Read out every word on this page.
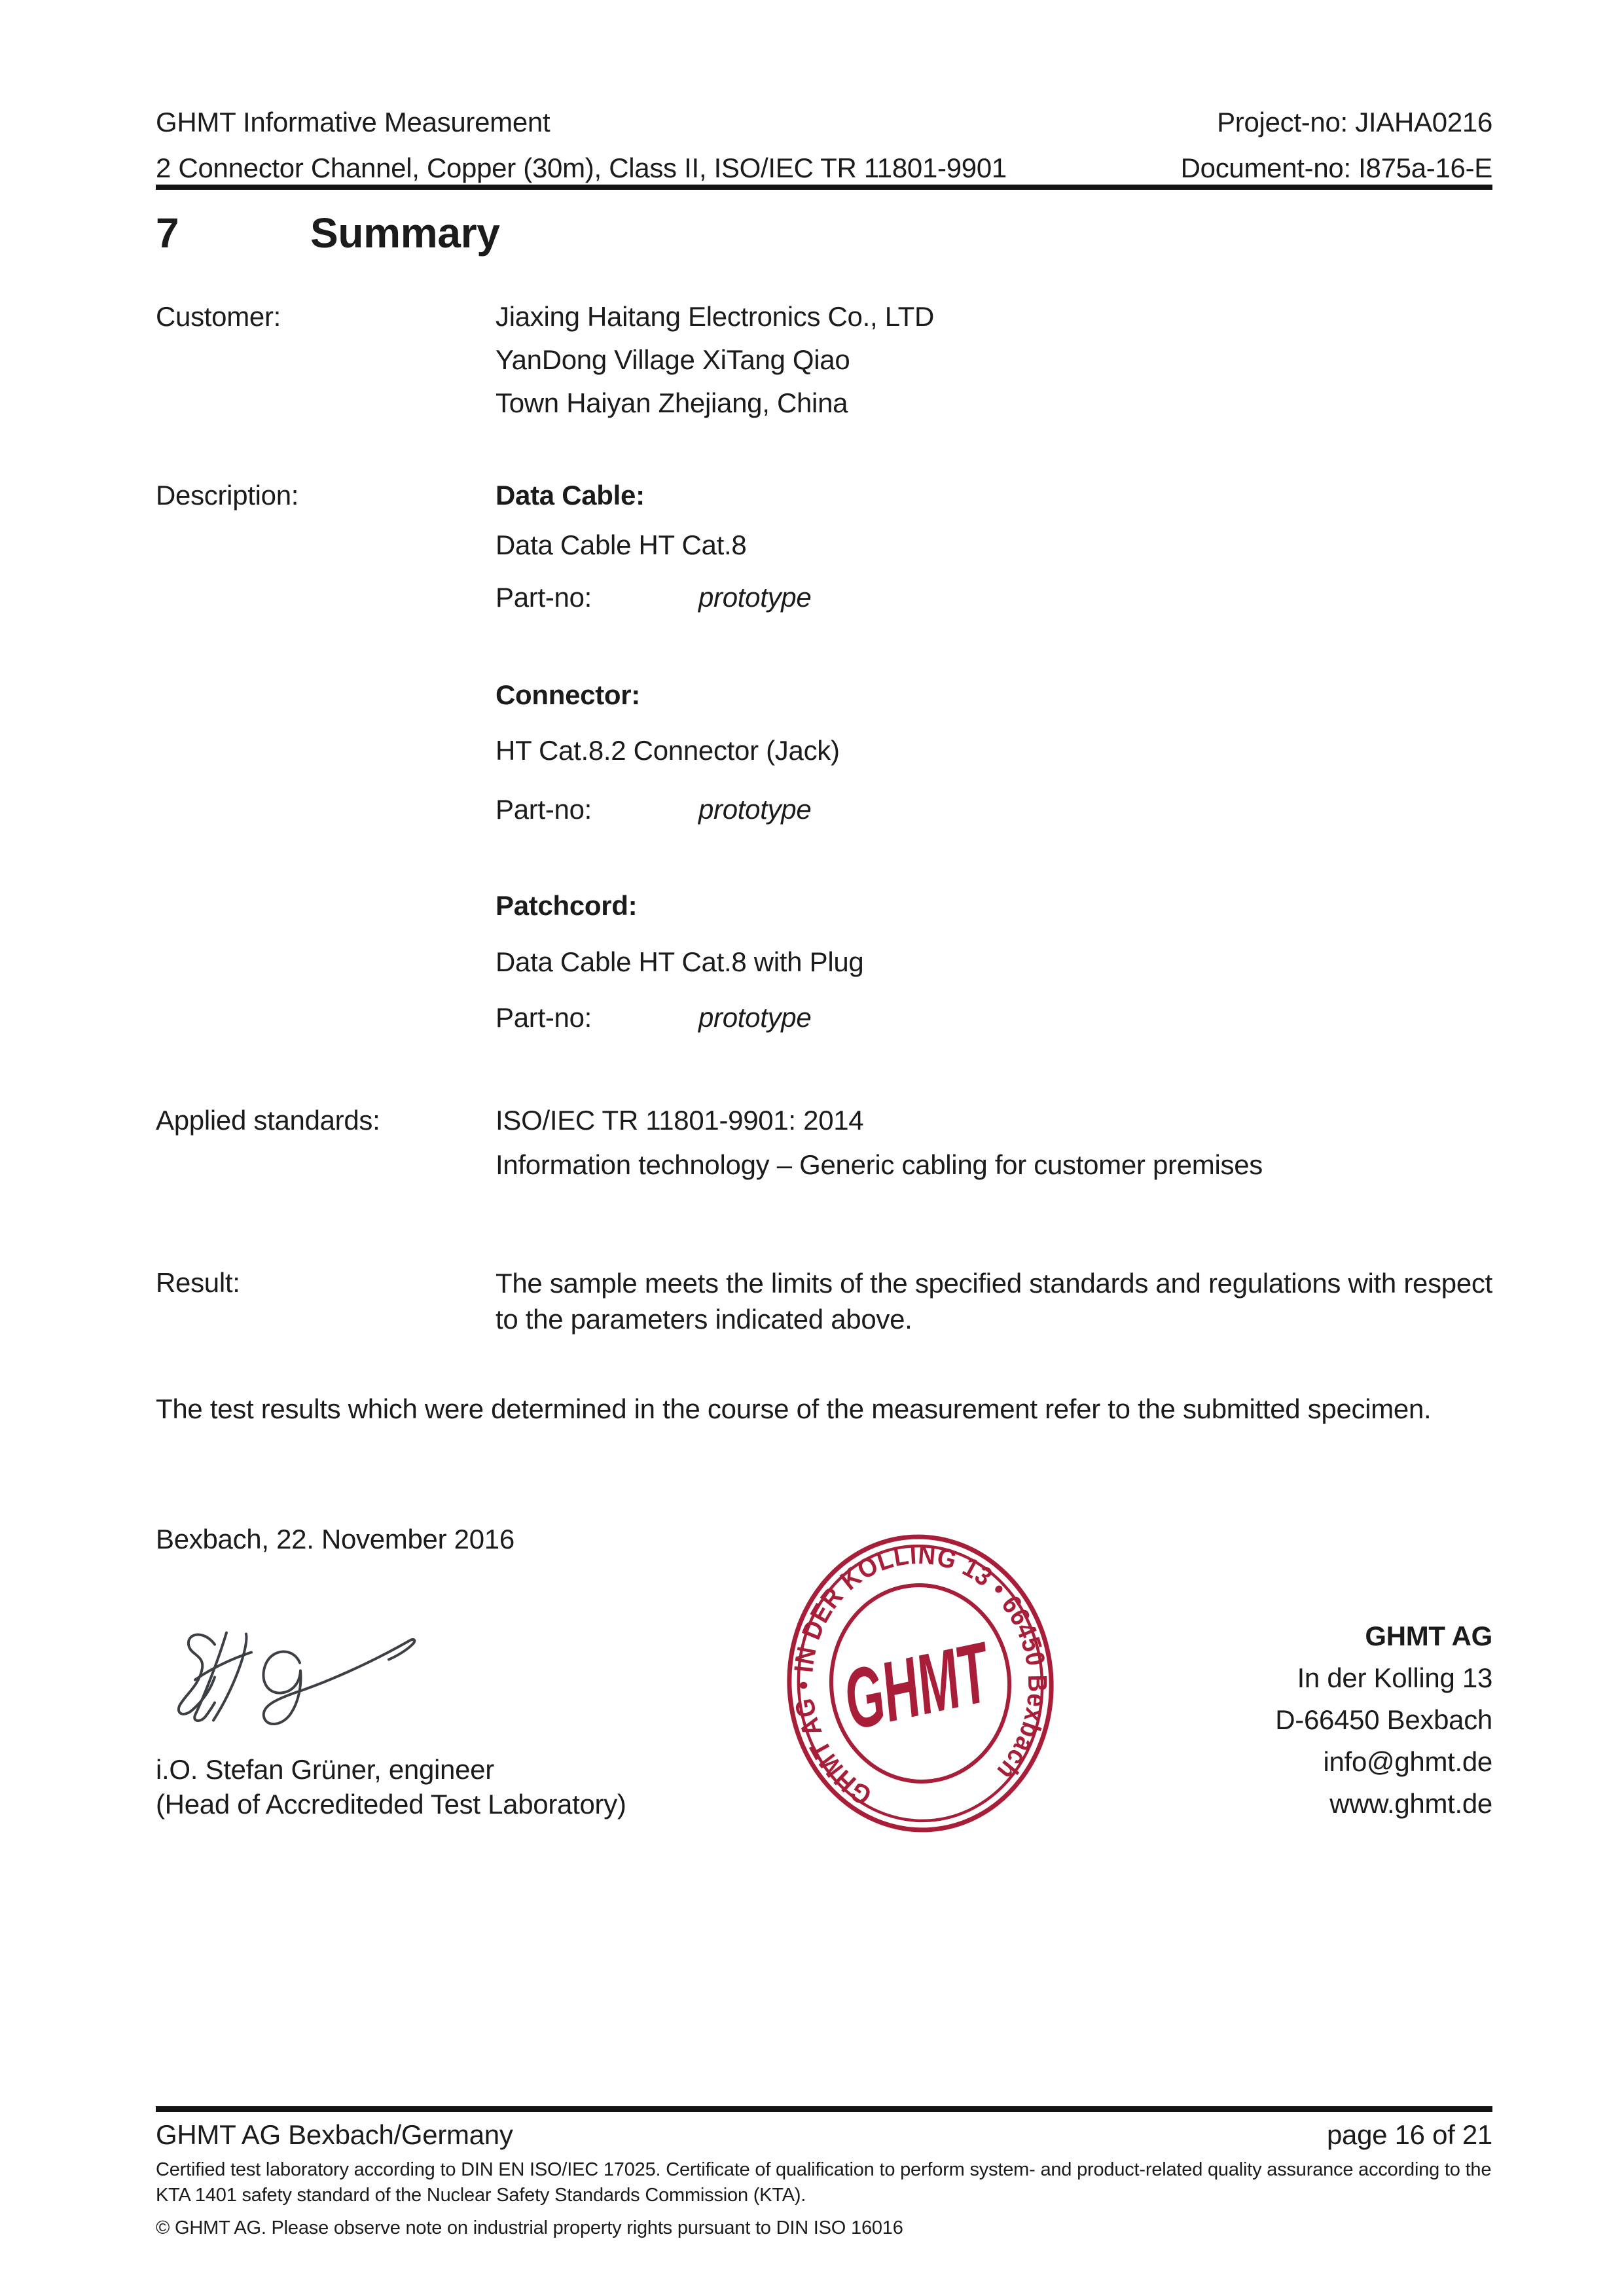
GHMT Informative Measurement	Project-no: JIAHA0216
2 Connector Channel, Copper (30m), Class II, ISO/IEC TR 11801-9901	Document-no: I875a-16-E
7	Summary
Customer:	Jiaxing Haitang Electronics Co., LTD
YanDong Village XiTang Qiao
Town Haiyan Zhejiang, China
Description:	Data Cable:
Data Cable HT Cat.8
Part-no:	prototype
Connector:
HT Cat.8.2 Connector (Jack)
Part-no:	prototype
Patchcord:
Data Cable HT Cat.8 with Plug
Part-no:	prototype
Applied standards:	ISO/IEC TR 11801-9901: 2014
Information technology – Generic cabling for customer premises
Result:	The sample meets the limits of the specified standards and regulations with respect to the parameters indicated above.
The test results which were determined in the course of the measurement refer to the submitted specimen.
Bexbach, 22. November 2016
GHMT AG • IN DER KOLLING 13 • 66450 Bexbach
GHMT
i.O. Stefan Grüner, engineer
(Head of Accrediteded Test Laboratory)
GHMT AG
In der Kolling 13
D-66450 Bexbach
info@ghmt.de
www.ghmt.de
GHMT AG Bexbach/Germany	page 16 of 21
Certified test laboratory according to DIN EN ISO/IEC 17025. Certificate of qualification to perform system- and product-related quality assurance according to the KTA 1401 safety standard of the Nuclear Safety Standards Commission (KTA).
© GHMT AG. Please observe note on industrial property rights pursuant to DIN ISO 16016
